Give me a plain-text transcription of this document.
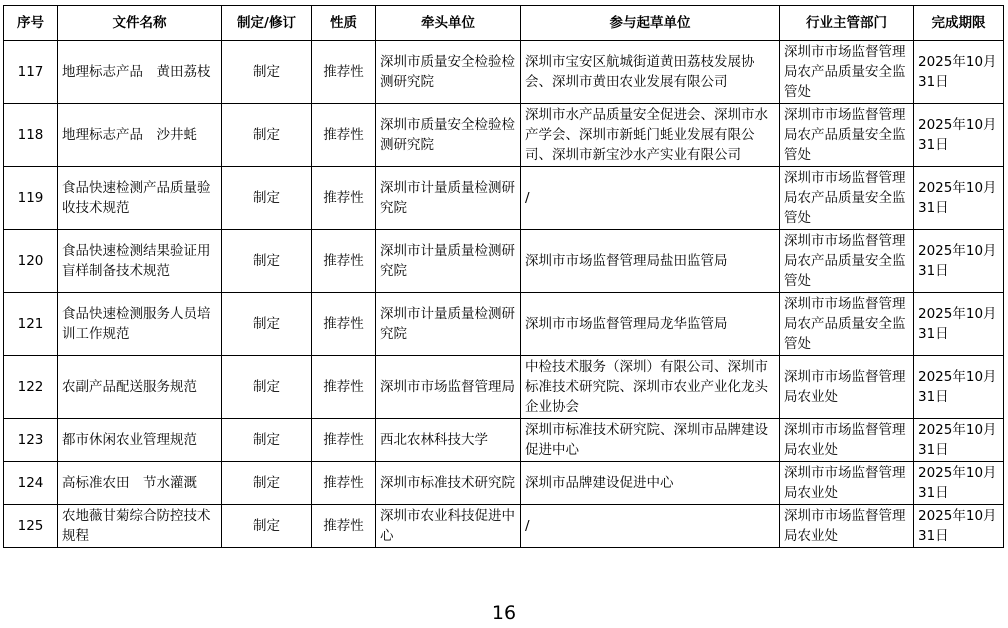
序号	文件名称	制定/修订	性质	牵头单位	参与起草单位	行业主管部门	完成期限
117	地理标志产品　黄田荔枝	制定	推荐性	深圳市质量安全检验检测研究院	深圳市宝安区航城街道黄田荔枝发展协会、深圳市黄田农业发展有限公司	深圳市市场监督管理局农产品质量安全监管处	2025年10月31日
118	地理标志产品　沙井蚝	制定	推荐性	深圳市质量安全检验检测研究院	深圳市水产品质量安全促进会、深圳市水产学会、深圳市新蚝门蚝业发展有限公司、深圳市新宝沙水产实业有限公司	深圳市市场监督管理局农产品质量安全监管处	2025年10月31日
119	食品快速检测产品质量验收技术规范	制定	推荐性	深圳市计量质量检测研究院	/	深圳市市场监督管理局农产品质量安全监管处	2025年10月31日
120	食品快速检测结果验证用盲样制备技术规范	制定	推荐性	深圳市计量质量检测研究院	深圳市市场监督管理局盐田监管局	深圳市市场监督管理局农产品质量安全监管处	2025年10月31日
121	食品快速检测服务人员培训工作规范	制定	推荐性	深圳市计量质量检测研究院	深圳市市场监督管理局龙华监管局	深圳市市场监督管理局农产品质量安全监管处	2025年10月31日
122	农副产品配送服务规范	制定	推荐性	深圳市市场监督管理局	中检技术服务（深圳）有限公司、深圳市标准技术研究院、深圳市农业产业化龙头企业协会	深圳市市场监督管理局农业处	2025年10月31日
123	都市休闲农业管理规范	制定	推荐性	西北农林科技大学	深圳市标准技术研究院、深圳市品牌建设促进中心	深圳市市场监督管理局农业处	2025年10月31日
124	高标准农田　节水灌溉	制定	推荐性	深圳市标准技术研究院	深圳市品牌建设促进中心	深圳市市场监督管理局农业处	2025年10月31日
125	农地薇甘菊综合防控技术规程	制定	推荐性	深圳市农业科技促进中心	/	深圳市市场监督管理局农业处	2025年10月31日
16
